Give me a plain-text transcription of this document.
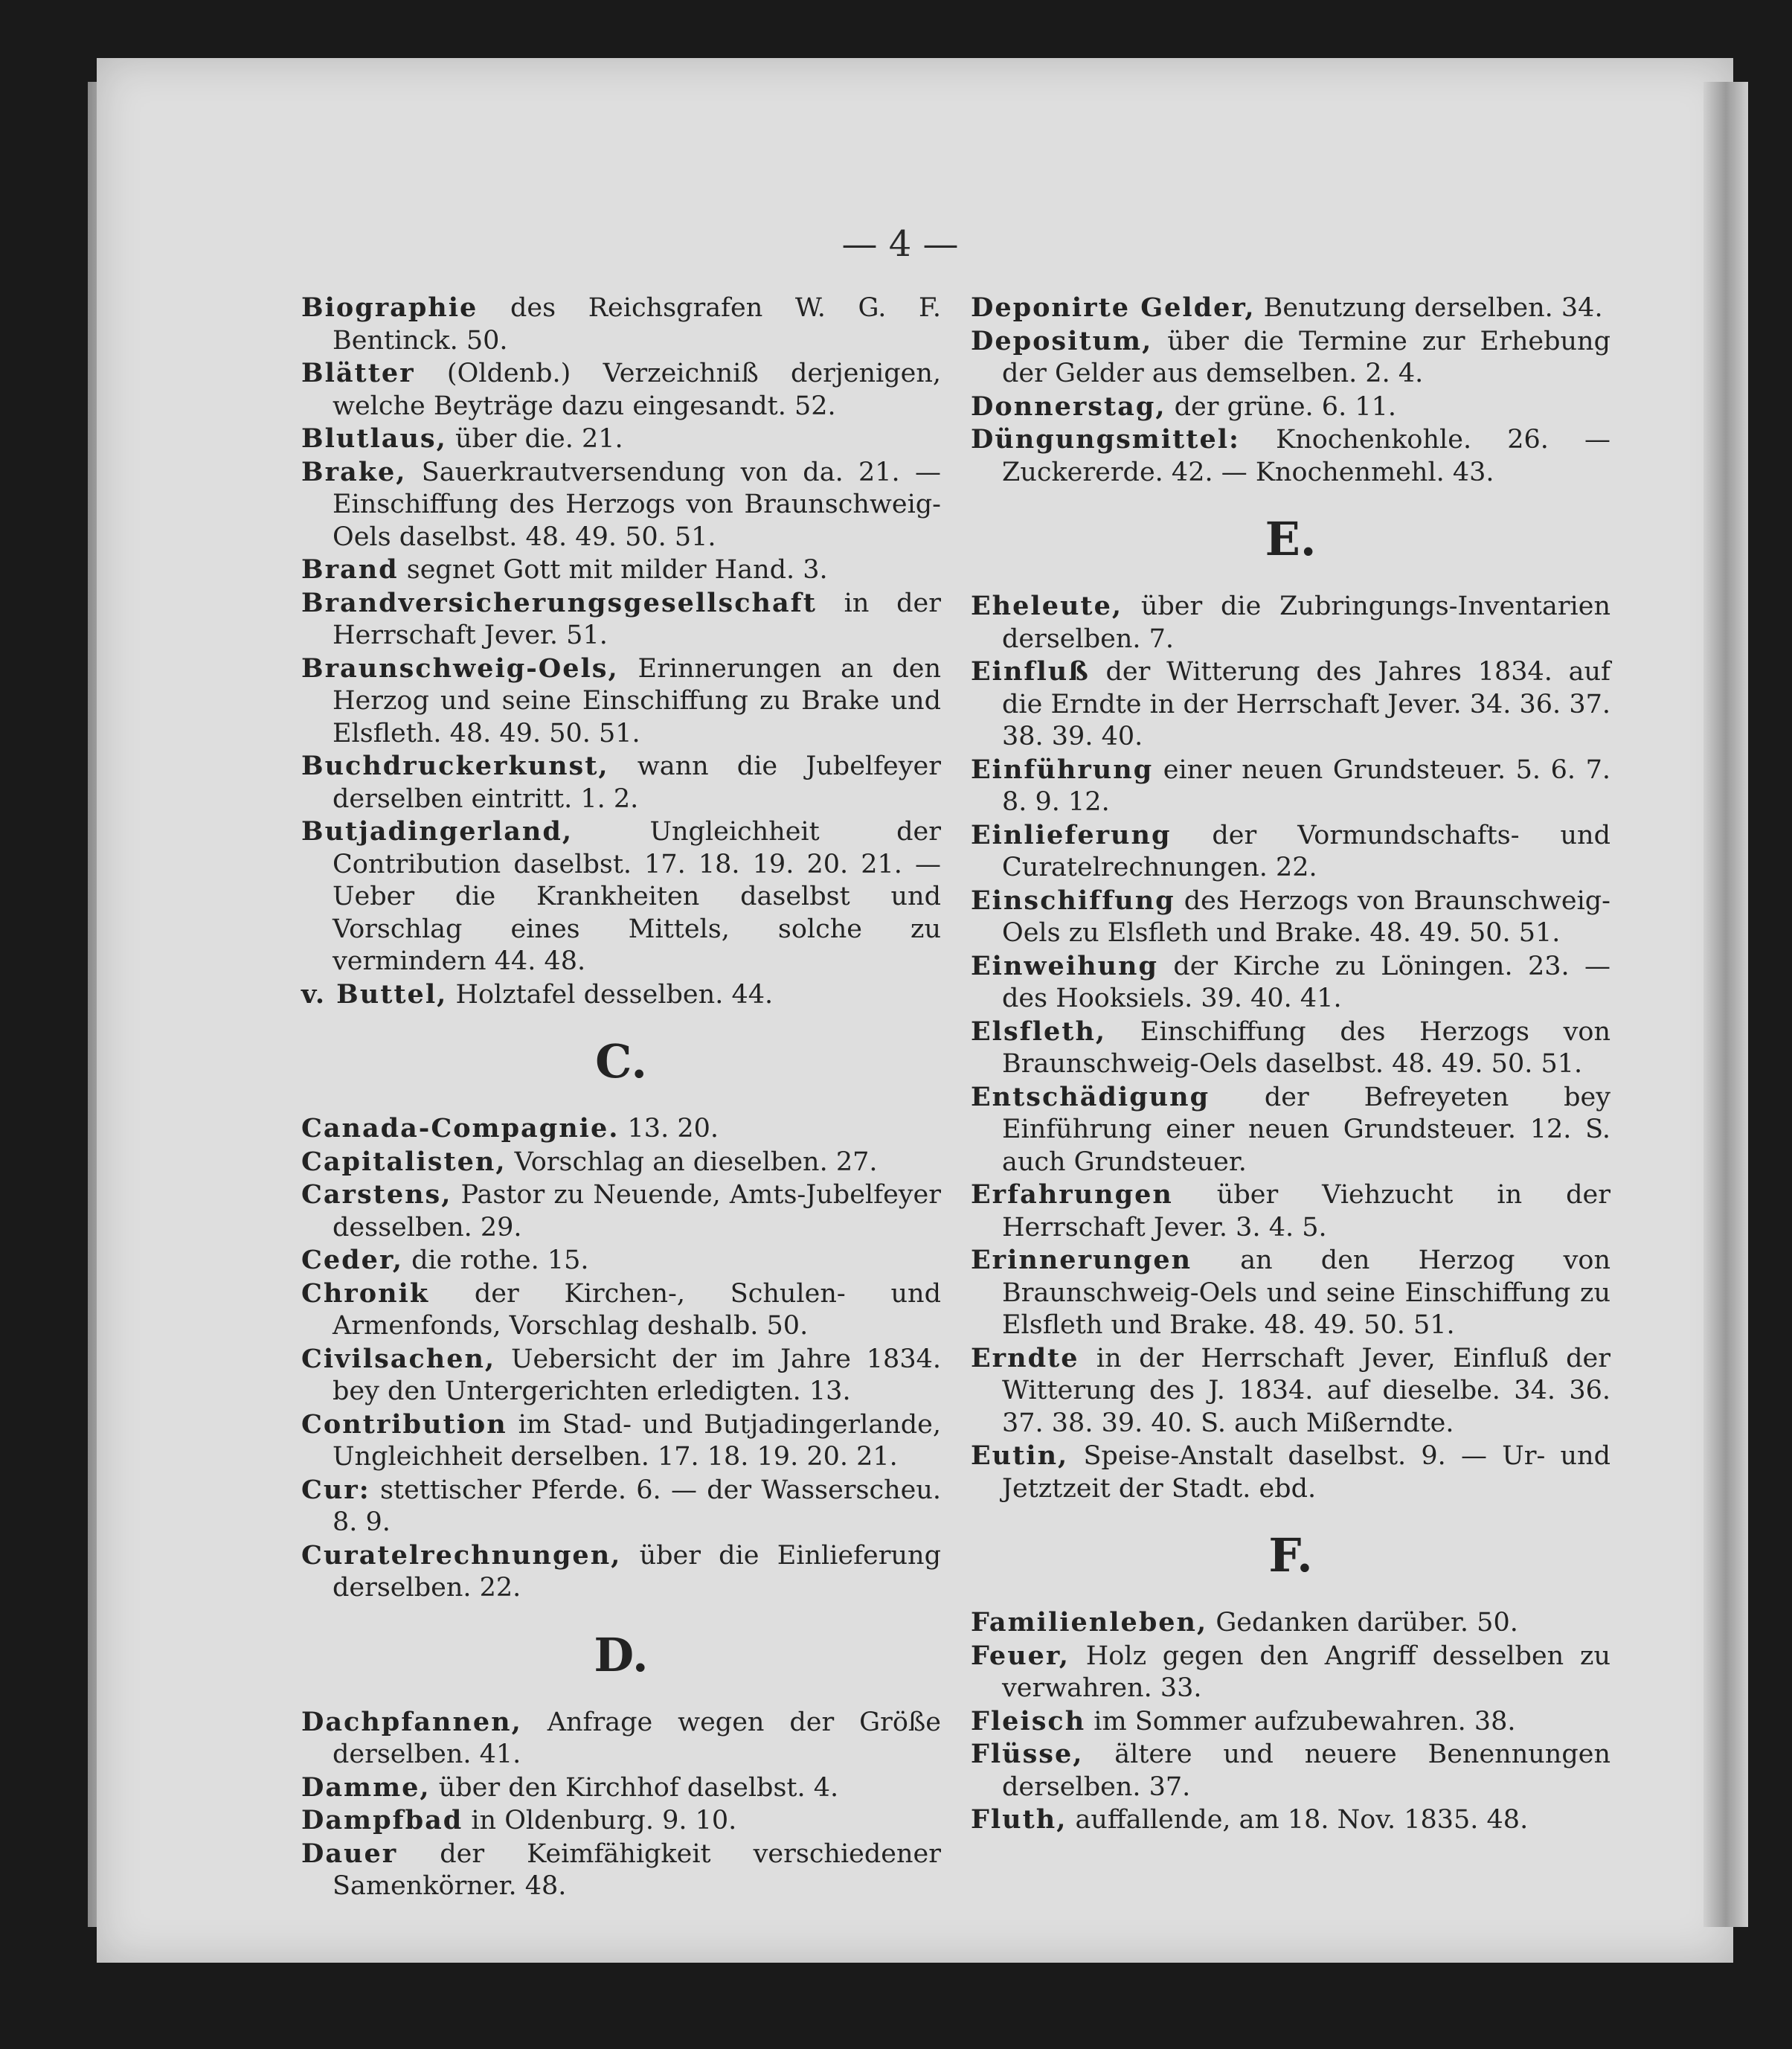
— 4 —
Biographie des Reichsgrafen W. G. F. Bentinck. 50.
Blätter (Oldenb.) Verzeichniß derjenigen, welche Beyträge dazu eingesandt. 52.
Blutlaus, über die. 21.
Brake, Sauerkrautversendung von da. 21. — Einschiffung des Herzogs von Braunschweig-Oels daselbst. 48. 49. 50. 51.
Brand segnet Gott mit milder Hand. 3.
Brandversicherungsgesellschaft in der Herrschaft Jever. 51.
Braunschweig-Oels, Erinnerungen an den Herzog und seine Einschiffung zu Brake und Elsfleth. 48. 49. 50. 51.
Buchdruckerkunst, wann die Jubelfeyer derselben eintritt. 1. 2.
Butjadingerland, Ungleichheit der Contribution daselbst. 17. 18. 19. 20. 21. — Ueber die Krankheiten daselbst und Vorschlag eines Mittels, solche zu vermindern 44. 48.
v. Buttel, Holztafel desselben. 44.
C.
Canada-Compagnie. 13. 20.
Capitalisten, Vorschlag an dieselben. 27.
Carstens, Pastor zu Neuende, Amts-Jubelfeyer desselben. 29.
Ceder, die rothe. 15.
Chronik der Kirchen-, Schulen- und Armenfonds, Vorschlag deshalb. 50.
Civilsachen, Uebersicht der im Jahre 1834. bey den Untergerichten erledigten. 13.
Contribution im Stad- und Butjadingerlande, Ungleichheit derselben. 17. 18. 19. 20. 21.
Cur: stettischer Pferde. 6. — der Wasserscheu. 8. 9.
Curatelrechnungen, über die Einlieferung derselben. 22.
D.
Dachpfannen, Anfrage wegen der Größe derselben. 41.
Damme, über den Kirchhof daselbst. 4.
Dampfbad in Oldenburg. 9. 10.
Dauer der Keimfähigkeit verschiedener Samenkörner. 48.
Deponirte Gelder, Benutzung derselben. 34.
Depositum, über die Termine zur Erhebung der Gelder aus demselben. 2. 4.
Donnerstag, der grüne. 6. 11.
Düngungsmittel: Knochenkohle. 26. — Zuckererde. 42. — Knochenmehl. 43.
E.
Eheleute, über die Zubringungs-Inventarien derselben. 7.
Einfluß der Witterung des Jahres 1834. auf die Erndte in der Herrschaft Jever. 34. 36. 37. 38. 39. 40.
Einführung einer neuen Grundsteuer. 5. 6. 7. 8. 9. 12.
Einlieferung der Vormundschafts- und Curatelrechnungen. 22.
Einschiffung des Herzogs von Braunschweig-Oels zu Elsfleth und Brake. 48. 49. 50. 51.
Einweihung der Kirche zu Löningen. 23. — des Hooksiels. 39. 40. 41.
Elsfleth, Einschiffung des Herzogs von Braunschweig-Oels daselbst. 48. 49. 50. 51.
Entschädigung der Befreyeten bey Einführung einer neuen Grundsteuer. 12. S. auch Grundsteuer.
Erfahrungen über Viehzucht in der Herrschaft Jever. 3. 4. 5.
Erinnerungen an den Herzog von Braunschweig-Oels und seine Einschiffung zu Elsfleth und Brake. 48. 49. 50. 51.
Erndte in der Herrschaft Jever, Einfluß der Witterung des J. 1834. auf dieselbe. 34. 36. 37. 38. 39. 40. S. auch Mißerndte.
Eutin, Speise-Anstalt daselbst. 9. — Ur- und Jetztzeit der Stadt. ebd.
F.
Familienleben, Gedanken darüber. 50.
Feuer, Holz gegen den Angriff desselben zu verwahren. 33.
Fleisch im Sommer aufzubewahren. 38.
Flüsse, ältere und neuere Benennungen derselben. 37.
Fluth, auffallende, am 18. Nov. 1835. 48.
